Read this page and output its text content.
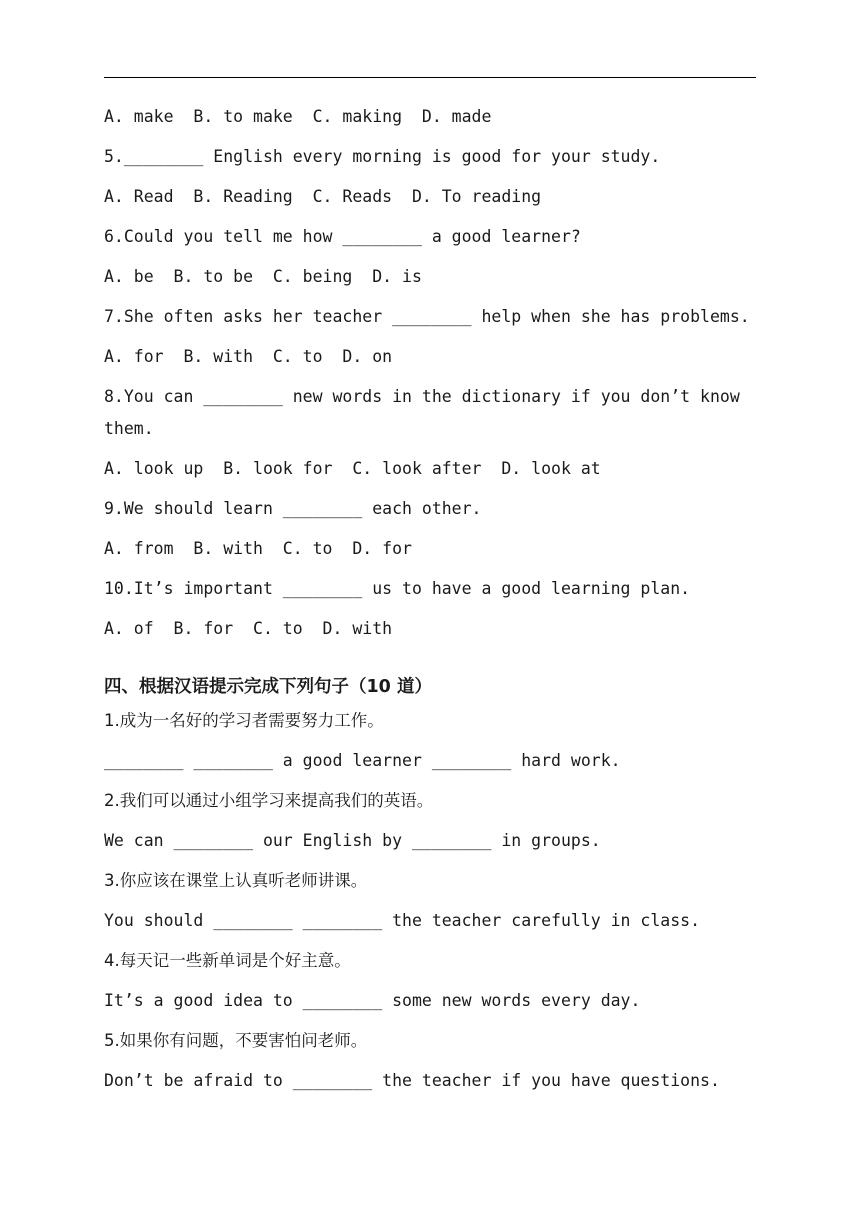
A. make  B. to make  C. making  D. made
5.________ English every morning is good for your study.
A. Read  B. Reading  C. Reads  D. To reading
6.Could you tell me how ________ a good learner?
A. be  B. to be  C. being  D. is
7.She often asks her teacher ________ help when she has problems.
A. for  B. with  C. to  D. on
8.You can ________ new words in the dictionary if you don’t know
them.
A. look up  B. look for  C. look after  D. look at
9.We should learn ________ each other.
A. from  B. with  C. to  D. for
10.It’s important ________ us to have a good learning plan.
A. of  B. for  C. to  D. with
四、根据汉语提示完成下列句子（10 道）
1.成为一名好的学习者需要努力工作。
________ ________ a good learner ________ hard work.
2.我们可以通过小组学习来提高我们的英语。
We can ________ our English by ________ in groups.
3.你应该在课堂上认真听老师讲课。
You should ________ ________ the teacher carefully in class.
4.每天记一些新单词是个好主意。
It’s a good idea to ________ some new words every day.
5.如果你有问题，不要害怕问老师。
Don’t be afraid to ________ the teacher if you have questions.
